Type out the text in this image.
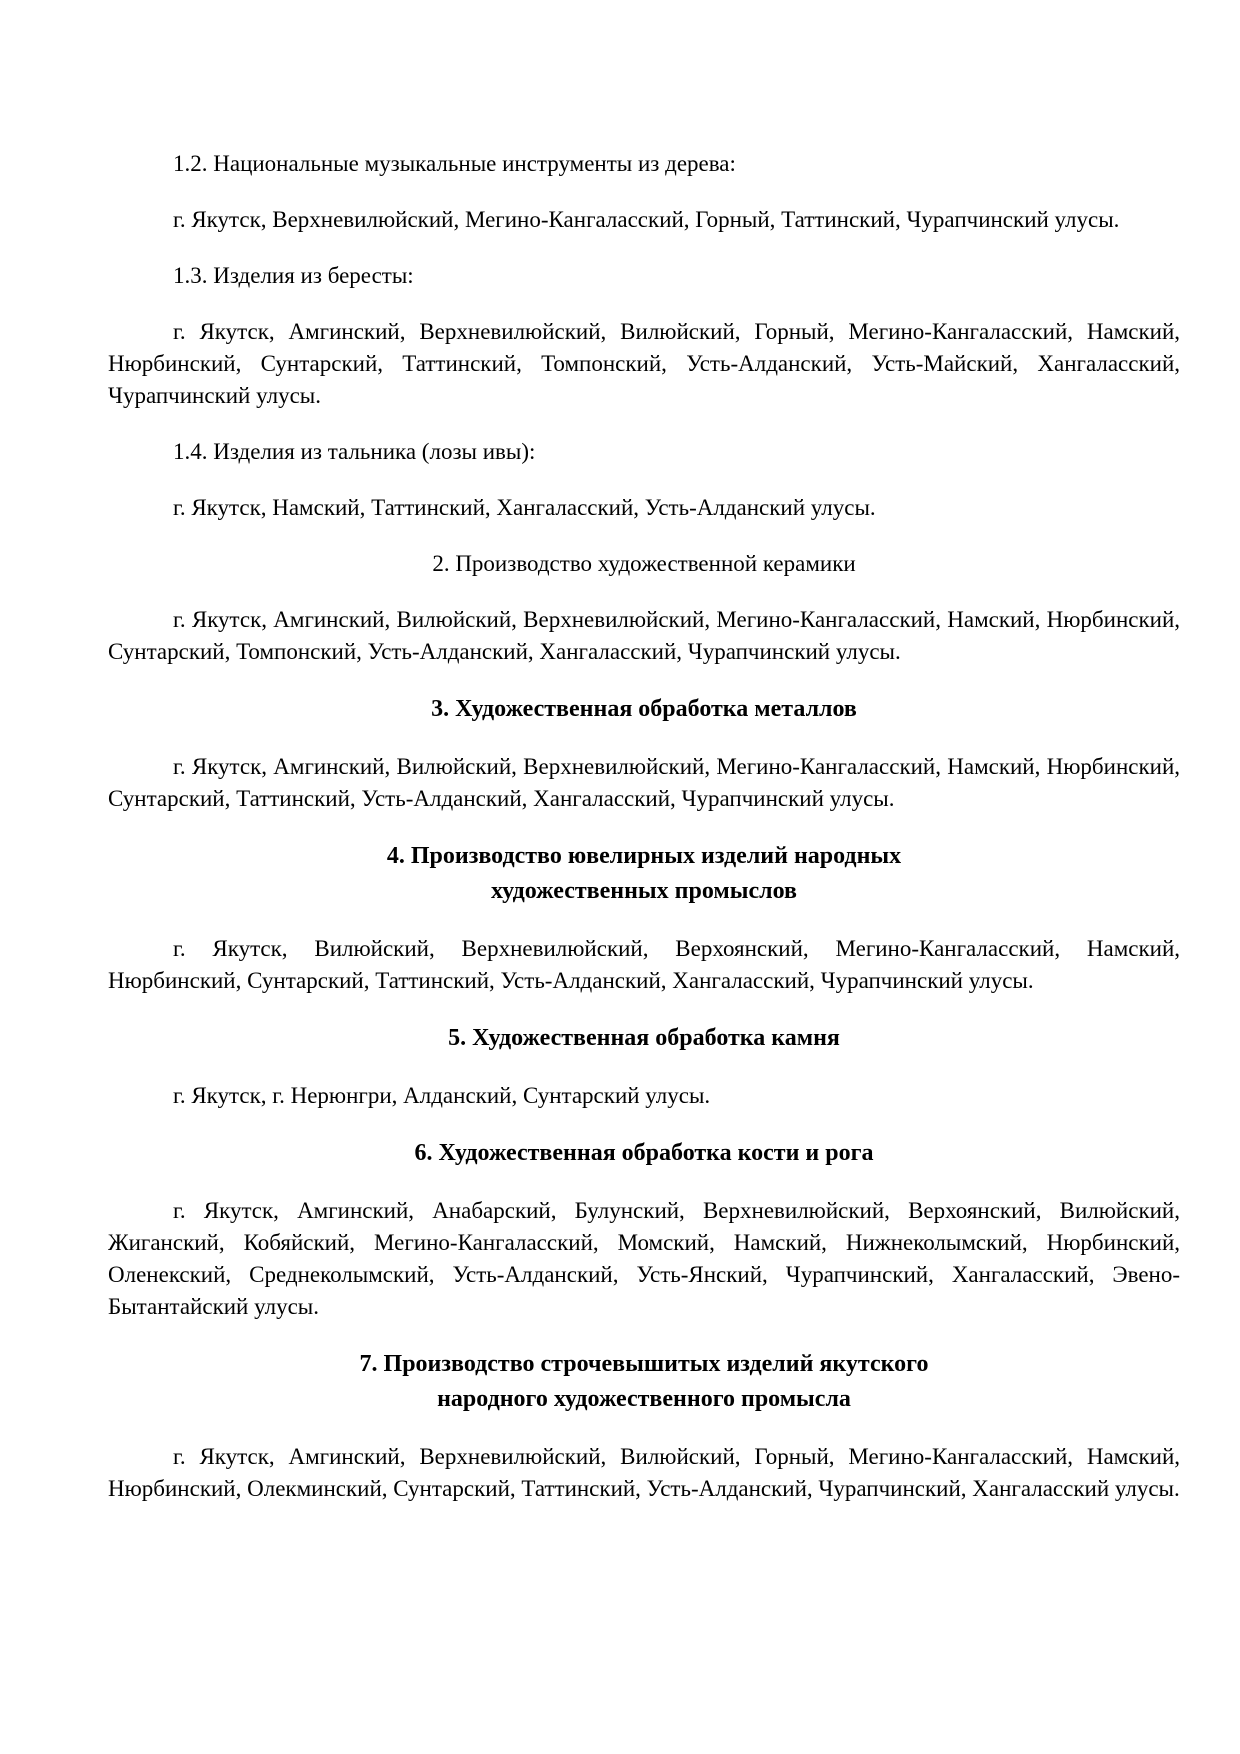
1.2. Национальные музыкальные инструменты из дерева:

г. Якутск, Верхневилюйский, Мегино-Кангаласский, Горный, Таттинский, Чурапчинский улусы.

1.3. Изделия из бересты:

г. Якутск, Амгинский, Верхневилюйский, Вилюйский, Горный, Мегино-Кангаласский, Намский, Нюрбинский, Сунтарский, Таттинский, Томпонский, Усть-Алданский, Усть-Майский, Хангаласский, Чурапчинский улусы.

1.4. Изделия из тальника (лозы ивы):

г. Якутск, Намский, Таттинский, Хангаласский, Усть-Алданский улусы.

2. Производство художественной керамики

г. Якутск, Амгинский, Вилюйский, Верхневилюйский, Мегино-Кангаласский, Намский, Нюрбинский, Сунтарский, Томпонский, Усть-Алданский, Хангаласский, Чурапчинский улусы.

3. Художественная обработка металлов

г. Якутск, Амгинский, Вилюйский, Верхневилюйский, Мегино-Кангаласский, Намский, Нюрбинский, Сунтарский, Таттинский, Усть-Алданский, Хангаласский, Чурапчинский улусы.

4. Производство ювелирных изделий народных
художественных промыслов

г. Якутск, Вилюйский, Верхневилюйский, Верхоянский, Мегино-Кангаласский, Намский, Нюрбинский, Сунтарский, Таттинский, Усть-Алданский, Хангаласский, Чурапчинский улусы.

5. Художественная обработка камня

г. Якутск, г. Нерюнгри, Алданский, Сунтарский улусы.

6. Художественная обработка кости и рога

г. Якутск, Амгинский, Анабарский, Булунский, Верхневилюйский, Верхоянский, Вилюйский, Жиганский, Кобяйский, Мегино-Кангаласский, Момский, Намский, Нижнеколымский, Нюрбинский, Оленекский, Среднеколымский, Усть-Алданский, Усть-Янский, Чурапчинский, Хангаласский, Эвено-Бытантайский улусы.

7. Производство строчевышитых изделий якутского
народного художественного промысла

г. Якутск, Амгинский, Верхневилюйский, Вилюйский, Горный, Мегино-Кангаласский, Намский, Нюрбинский, Олекминский, Сунтарский, Таттинский, Усть-Алданский, Чурапчинский, Хангаласский улусы.
